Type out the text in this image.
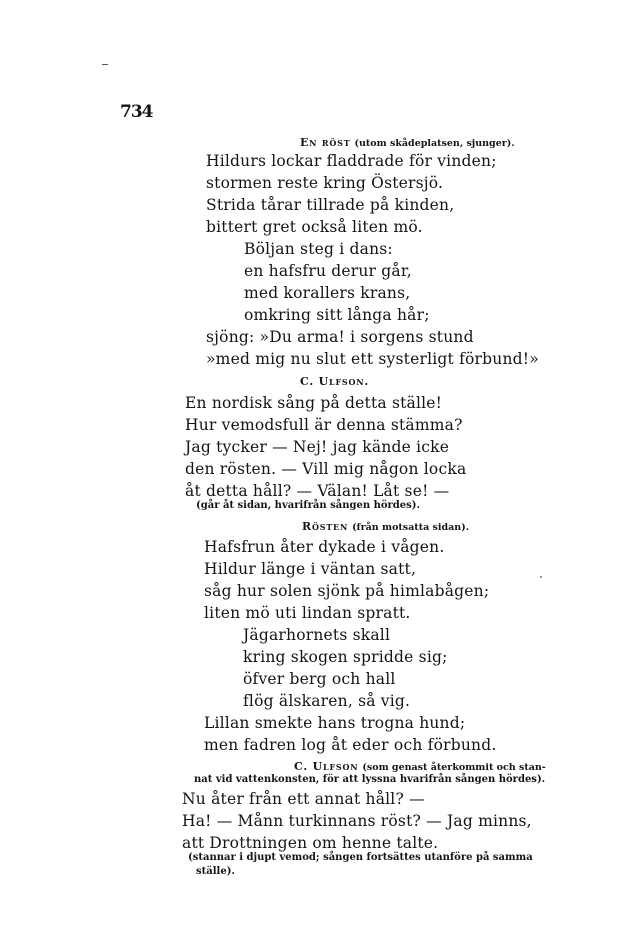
734
En röst (utom skådeplatsen, sjunger).
Hildurs lockar fladdrade för vinden;
stormen reste kring Östersjö.
Strida tårar tillrade på kinden,
bittert gret också liten mö.
Böljan steg i dans:
en hafsfru derur går,
med korallers krans,
omkring sitt långa hår;
sjöng: »Du arma! i sorgens stund
»med mig nu slut ett systerligt förbund!»
C. Ulfson.
En nordisk sång på detta ställe!
Hur vemodsfull är denna stämma?
Jag tycker — Nej! jag kände icke
den rösten. — Vill mig någon locka
åt detta håll? — Välan! Låt se! —
(går åt sidan, hvarifrån sången hördes).
Rösten (från motsatta sidan).
Hafsfrun åter dykade i vågen.
Hildur länge i väntan satt,
såg hur solen sjönk på himlabågen;
liten mö uti lindan spratt.
Jägarhornets skall
kring skogen spridde sig;
öfver berg och hall
flög älskaren, så vig.
Lillan smekte hans trogna hund;
men fadren log åt eder och förbund.
C. Ulfson (som genast återkommit och stan-
nat vid vattenkonsten, för att lyssna hvarifrån sången hördes).
Nu åter från ett annat håll? —
Ha! — Månn turkinnans röst? — Jag minns,
att Drottningen om henne talte.
(stannar i djupt vemod; sången fortsättes utanföre på samma
ställe).
